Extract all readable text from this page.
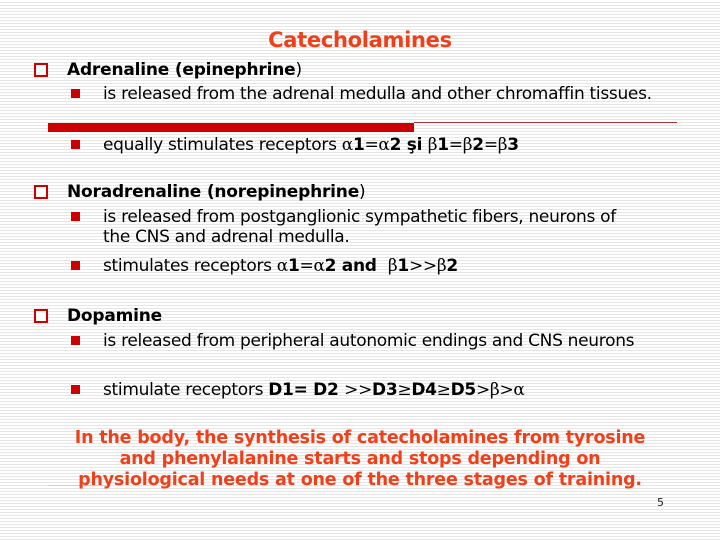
Catecholamines
Adrenaline (epinephrine )
is released from the adrenal medulla and other chromaffin tissues.
equally stimulates receptors α1=α2 şi β1=β2=β3
Noradrenaline (norepinephrine )
is released from postganglionic sympathetic fibers, neurons of the CNS and adrenal medulla.
stimulates receptors α1=α2 and  β1>>β2
Dopamine
is released from peripheral autonomic endings and CNS neurons
stimulate receptors D1= D2 >>D3≥D4≥D5>β>α
In the body, the synthesis of catecholamines from tyrosine and phenylalanine starts and stops depending on physiological needs at one of the three stages of training.
5
